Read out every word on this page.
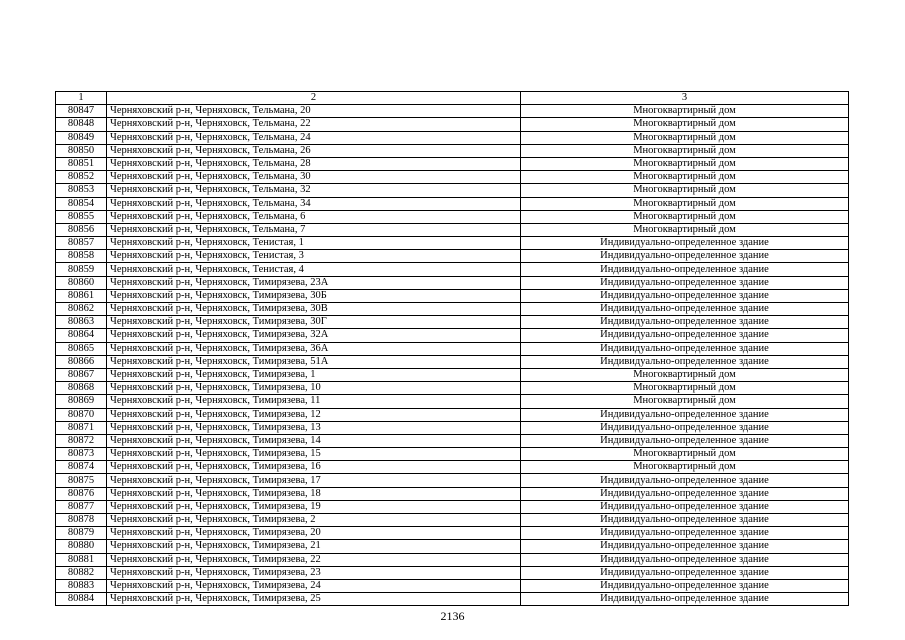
1	2	3
80847	Черняховский р-н, Черняховск, Тельмана, 20	Многоквартирный дом
80848	Черняховский р-н, Черняховск, Тельмана, 22	Многоквартирный дом
80849	Черняховский р-н, Черняховск, Тельмана, 24	Многоквартирный дом
80850	Черняховский р-н, Черняховск, Тельмана, 26	Многоквартирный дом
80851	Черняховский р-н, Черняховск, Тельмана, 28	Многоквартирный дом
80852	Черняховский р-н, Черняховск, Тельмана, 30	Многоквартирный дом
80853	Черняховский р-н, Черняховск, Тельмана, 32	Многоквартирный дом
80854	Черняховский р-н, Черняховск, Тельмана, 34	Многоквартирный дом
80855	Черняховский р-н, Черняховск, Тельмана, 6	Многоквартирный дом
80856	Черняховский р-н, Черняховск, Тельмана, 7	Многоквартирный дом
80857	Черняховский р-н, Черняховск, Тенистая, 1	Индивидуально-определенное здание
80858	Черняховский р-н, Черняховск, Тенистая, 3	Индивидуально-определенное здание
80859	Черняховский р-н, Черняховск, Тенистая, 4	Индивидуально-определенное здание
80860	Черняховский р-н, Черняховск, Тимирязева, 23А	Индивидуально-определенное здание
80861	Черняховский р-н, Черняховск, Тимирязева, 30Б	Индивидуально-определенное здание
80862	Черняховский р-н, Черняховск, Тимирязева, 30В	Индивидуально-определенное здание
80863	Черняховский р-н, Черняховск, Тимирязева, 30Г	Индивидуально-определенное здание
80864	Черняховский р-н, Черняховск, Тимирязева, 32А	Индивидуально-определенное здание
80865	Черняховский р-н, Черняховск, Тимирязева, 36А	Индивидуально-определенное здание
80866	Черняховский р-н, Черняховск, Тимирязева, 51А	Индивидуально-определенное здание
80867	Черняховский р-н, Черняховск, Тимирязева, 1	Многоквартирный дом
80868	Черняховский р-н, Черняховск, Тимирязева, 10	Многоквартирный дом
80869	Черняховский р-н, Черняховск, Тимирязева, 11	Многоквартирный дом
80870	Черняховский р-н, Черняховск, Тимирязева, 12	Индивидуально-определенное здание
80871	Черняховский р-н, Черняховск, Тимирязева, 13	Индивидуально-определенное здание
80872	Черняховский р-н, Черняховск, Тимирязева, 14	Индивидуально-определенное здание
80873	Черняховский р-н, Черняховск, Тимирязева, 15	Многоквартирный дом
80874	Черняховский р-н, Черняховск, Тимирязева, 16	Многоквартирный дом
80875	Черняховский р-н, Черняховск, Тимирязева, 17	Индивидуально-определенное здание
80876	Черняховский р-н, Черняховск, Тимирязева, 18	Индивидуально-определенное здание
80877	Черняховский р-н, Черняховск, Тимирязева, 19	Индивидуально-определенное здание
80878	Черняховский р-н, Черняховск, Тимирязева, 2	Индивидуально-определенное здание
80879	Черняховский р-н, Черняховск, Тимирязева, 20	Индивидуально-определенное здание
80880	Черняховский р-н, Черняховск, Тимирязева, 21	Индивидуально-определенное здание
80881	Черняховский р-н, Черняховск, Тимирязева, 22	Индивидуально-определенное здание
80882	Черняховский р-н, Черняховск, Тимирязева, 23	Индивидуально-определенное здание
80883	Черняховский р-н, Черняховск, Тимирязева, 24	Индивидуально-определенное здание
80884	Черняховский р-н, Черняховск, Тимирязева, 25	Индивидуально-определенное здание
2136
